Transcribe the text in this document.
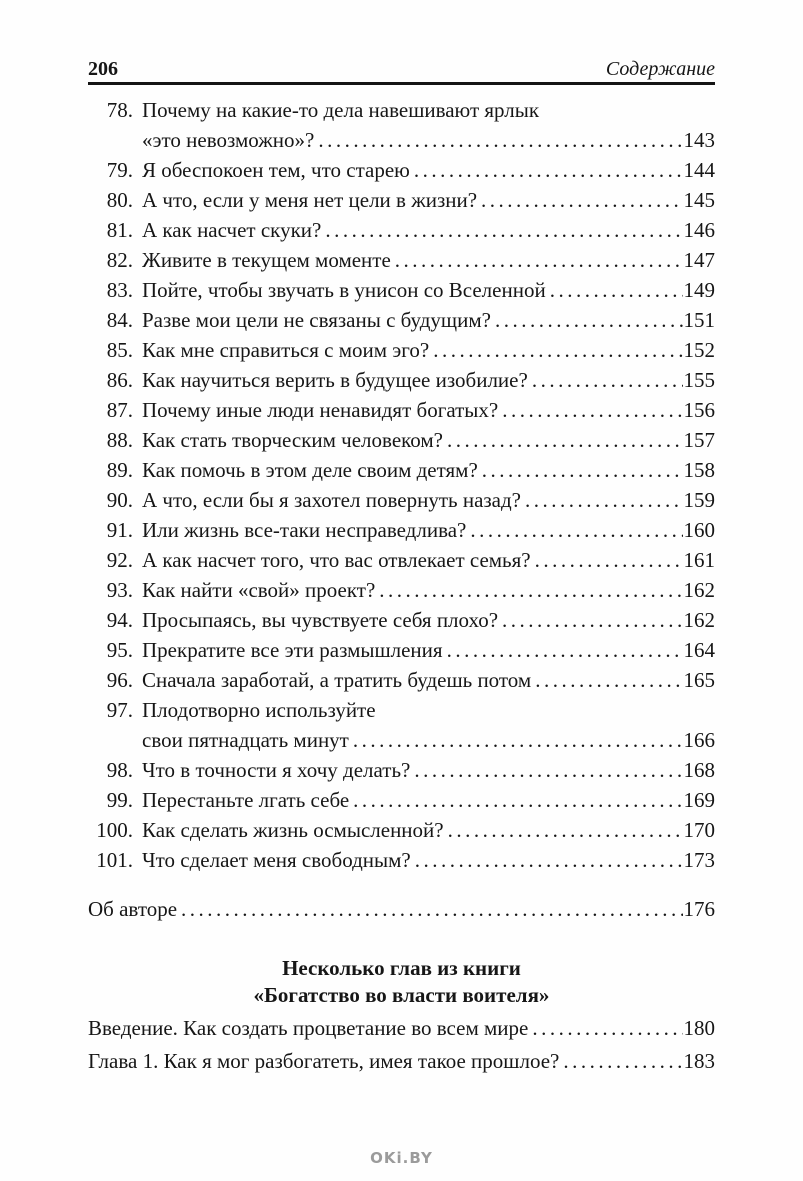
206	Содержание
78. Почему на какие-то дела навешивают ярлык
«это невозможно»? .....	143
79. Я обеспокоен тем, что старею .....	144
80. А что, если у меня нет цели в жизни? .....	145
81. А как насчет скуки? .....	146
82. Живите в текущем моменте .....	147
83. Пойте, чтобы звучать в унисон со Вселенной .....	149
84. Разве мои цели не связаны с будущим? .....	151
85. Как мне справиться с моим эго? .....	152
86. Как научиться верить в будущее изобилие? .....	155
87. Почему иные люди ненавидят богатых? .....	156
88. Как стать творческим человеком? .....	157
89. Как помочь в этом деле своим детям? .....	158
90. А что, если бы я захотел повернуть назад? .....	159
91. Или жизнь все-таки несправедлива? .....	160
92. А как насчет того, что вас отвлекает семья? .....	161
93. Как найти «свой» проект? .....	162
94. Просыпаясь, вы чувствуете себя плохо? .....	162
95. Прекратите все эти размышления .....	164
96. Сначала заработай, а тратить будешь потом .....	165
97. Плодотворно используйте
свои пятнадцать минут .....	166
98. Что в точности я хочу делать? .....	168
99. Перестаньте лгать себе .....	169
100. Как сделать жизнь осмысленной? .....	170
101. Что сделает меня свободным? .....	173
Об авторе .....	176
Несколько глав из книги
«Богатство во власти воителя»
Введение. Как создать процветание во всем мире .....	180
Глава 1. Как я мог разбогатеть, имея такое прошлое? .....	183
OKi.BY
